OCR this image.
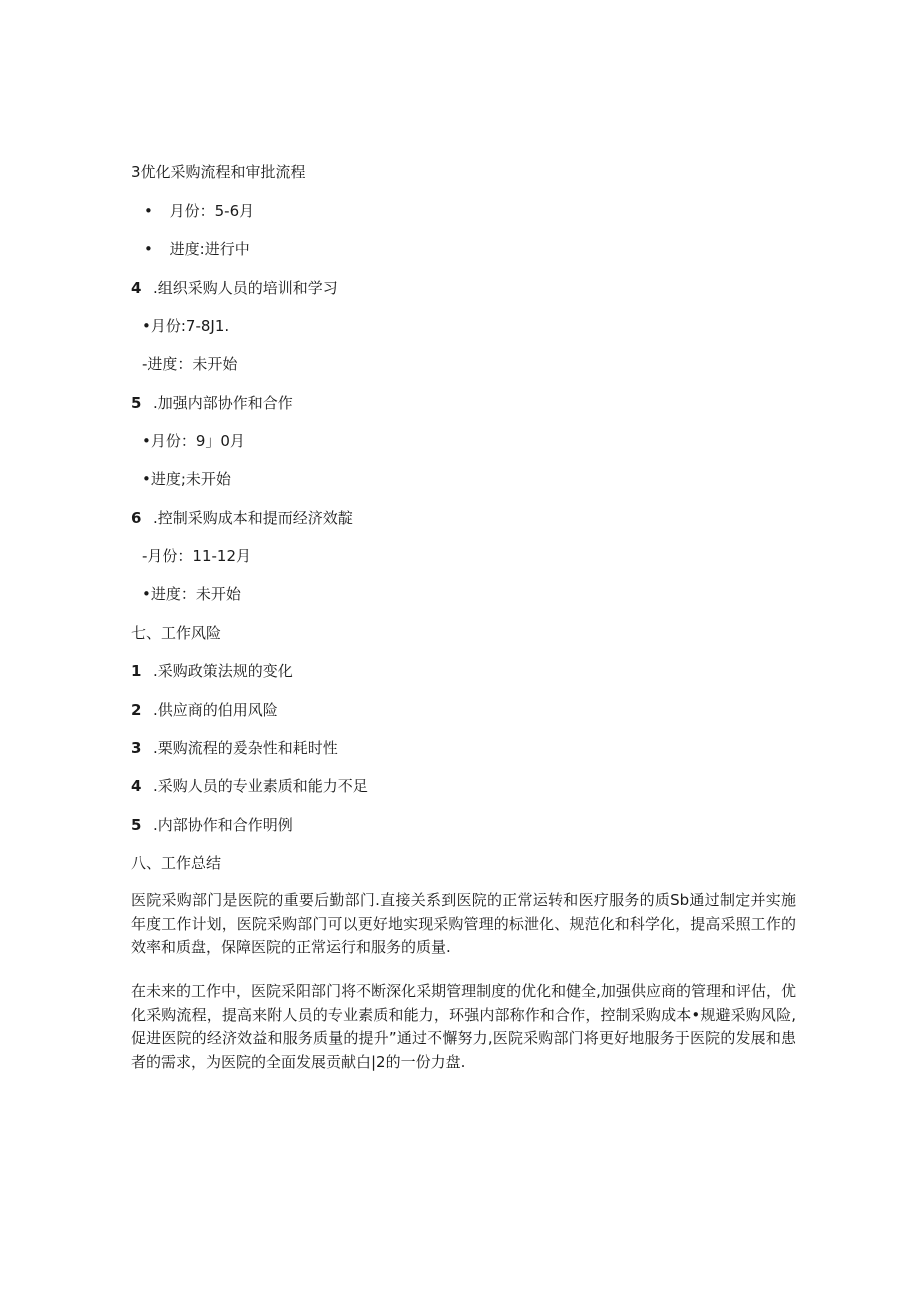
3优化采购流程和审批流程
• 月份：5-6月
• 进度:进行中
4 .组织采购人员的培训和学习
•月份:7-8J1.
-进度：未开始
5 .加强内部协作和合作
•月份：9」0月
•进度;未开始
6 .控制采购成本和提而经济效靛
-月份：11-12月
•进度：未开始
七、工作风险
1 .采购政策法规的变化
2 .供应商的伯用风险
3 .栗购流程的爰杂性和耗时性
4 .采购人员的专业素质和能力不足
5 .内部协作和合作明例
八、工作总结
医院采购部门是医院的重要后勤部门.直接关系到医院的正常运转和医疗服务的质Sb通过制定并实施年度工作计划，医院采购部门可以更好地实现采购管理的标泄化、规范化和科学化，提高采照工作的效率和质盘，保障医院的正常运行和服务的质量.
在未来的工作中，医院采阳部门将不断深化采期管理制度的优化和健全,加强供应商的管理和评估，优化采购流程，提高来附人员的专业素质和能力，环强内部称作和合作，控制采购成本•规避采购风险,促进医院的经济效益和服务质量的提升”通过不懈努力,医院采购部门将更好地服务于医院的发展和患者的需求，为医院的全面发展贡献白|2的一份力盘.
